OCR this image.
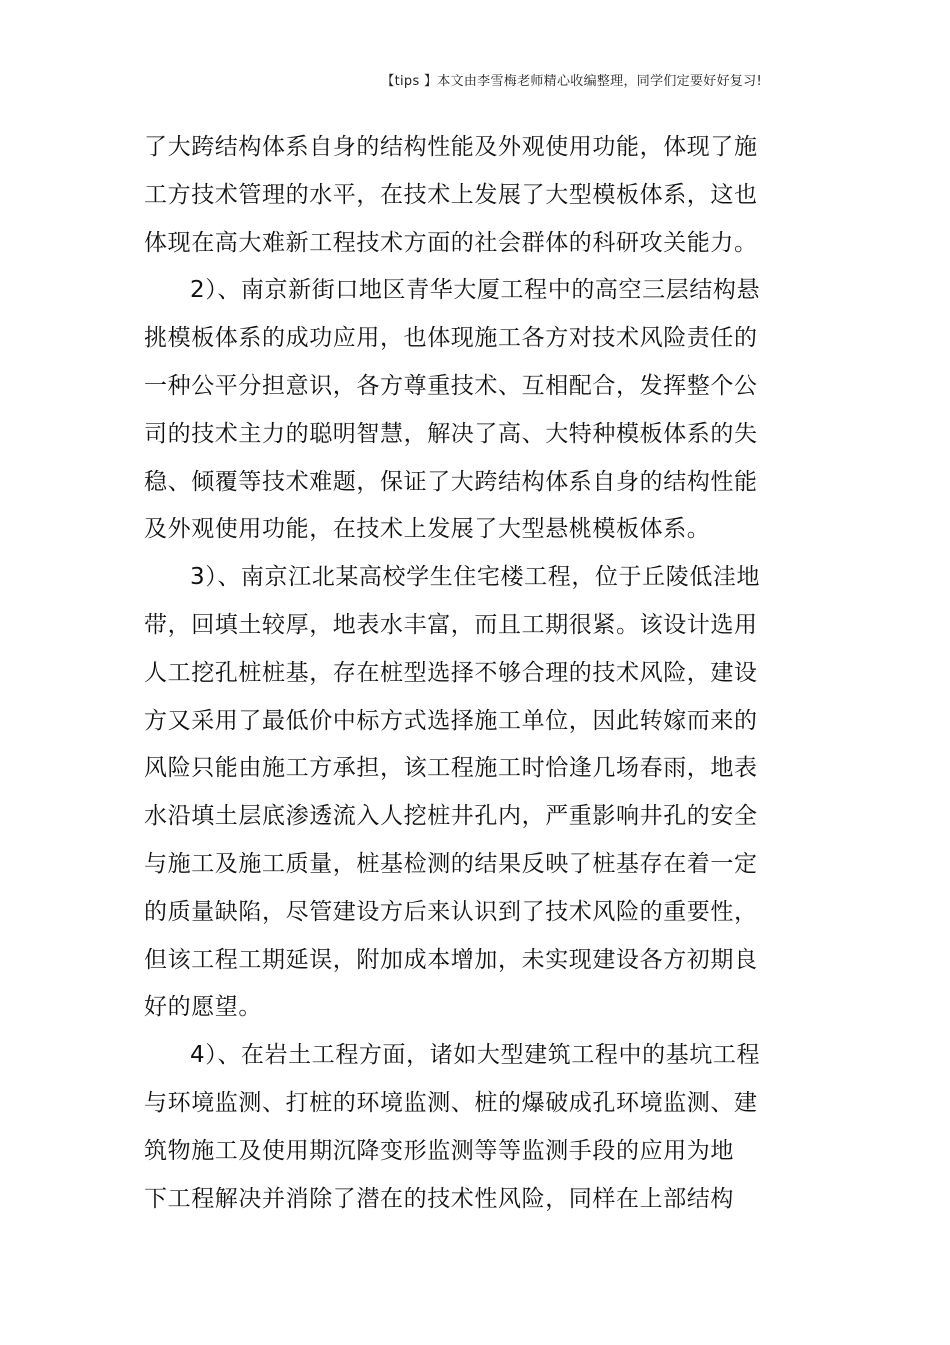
【tips 】本文由李雪梅老师精心收编整理，同学们定要好好复习!
了大跨结构体系自身的结构性能及外观使用功能，体现了施
工方技术管理的水平，在技术上发展了大型模板体系，这也
体现在高大难新工程技术方面的社会群体的科研攻关能力。
2）、南京新街口地区青华大厦工程中的高空三层结构悬
挑模板体系的成功应用，也体现施工各方对技术风险责任的
一种公平分担意识，各方尊重技术、互相配合，发挥整个公
司的技术主力的聪明智慧，解决了高、大特种模板体系的失
稳、倾覆等技术难题，保证了大跨结构体系自身的结构性能
及外观使用功能，在技术上发展了大型悬桃模板体系。
3）、南京江北某高校学生住宅楼工程，位于丘陵低洼地
带，回填土较厚，地表水丰富，而且工期很紧。该设计选用
人工挖孔桩桩基，存在桩型选择不够合理的技术风险，建设
方又采用了最低价中标方式选择施工单位，因此转嫁而来的
风险只能由施工方承担，该工程施工时恰逢几场春雨，地表
水沿填土层底渗透流入人挖桩井孔内，严重影响井孔的安全
与施工及施工质量，桩基检测的结果反映了桩基存在着一定
的质量缺陷，尽管建设方后来认识到了技术风险的重要性，
但该工程工期延误，附加成本增加，未实现建设各方初期良
好的愿望。
4）、在岩土工程方面，诸如大型建筑工程中的基坑工程
与环境监测、打桩的环境监测、桩的爆破成孔环境监测、建
筑物施工及使用期沉降变形监测等等监测手段的应用为地
下工程解决并消除了潜在的技术性风险，同样在上部结构
